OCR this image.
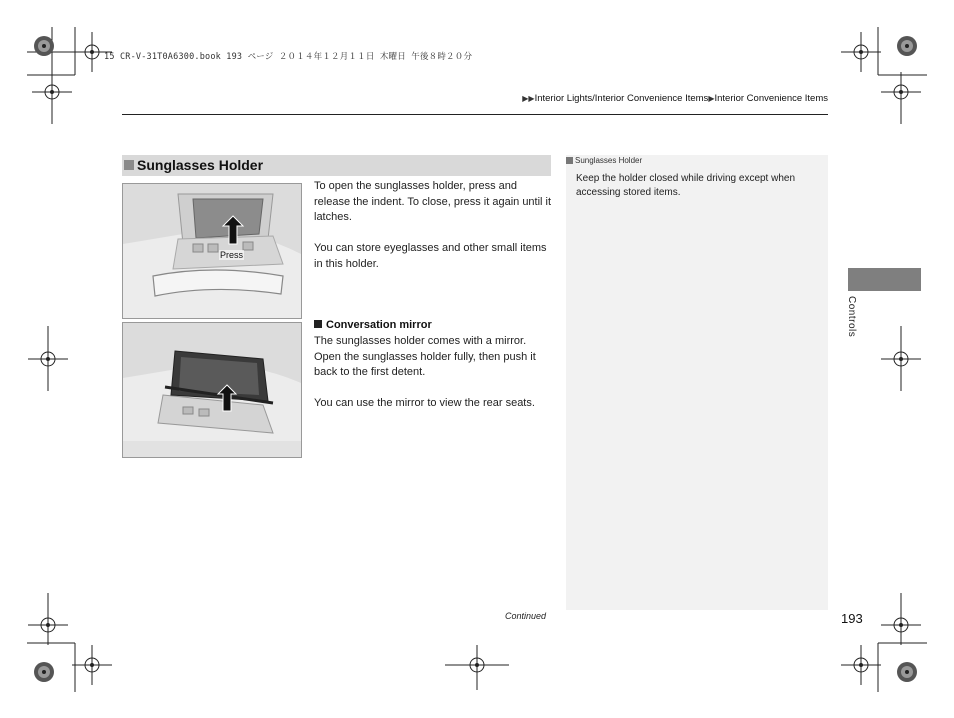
15 CR-V-31T0A6300.book 193 ページ ２０１４年１２月１１日 木曜日 午後８時２０分
▶▶Interior Lights/Interior Convenience Items▶Interior Convenience Items
Sunglasses Holder
Press
To open the sunglasses holder, press and release the indent. To close, press it again until it latches.
You can store eyeglasses and other small items in this holder.
Conversation mirror
The sunglasses holder comes with a mirror. Open the sunglasses holder fully, then push it back to the first detent.
You can use the mirror to view the rear seats.
Sunglasses Holder
Keep the holder closed while driving except when accessing stored items.
Controls
Continued	193
